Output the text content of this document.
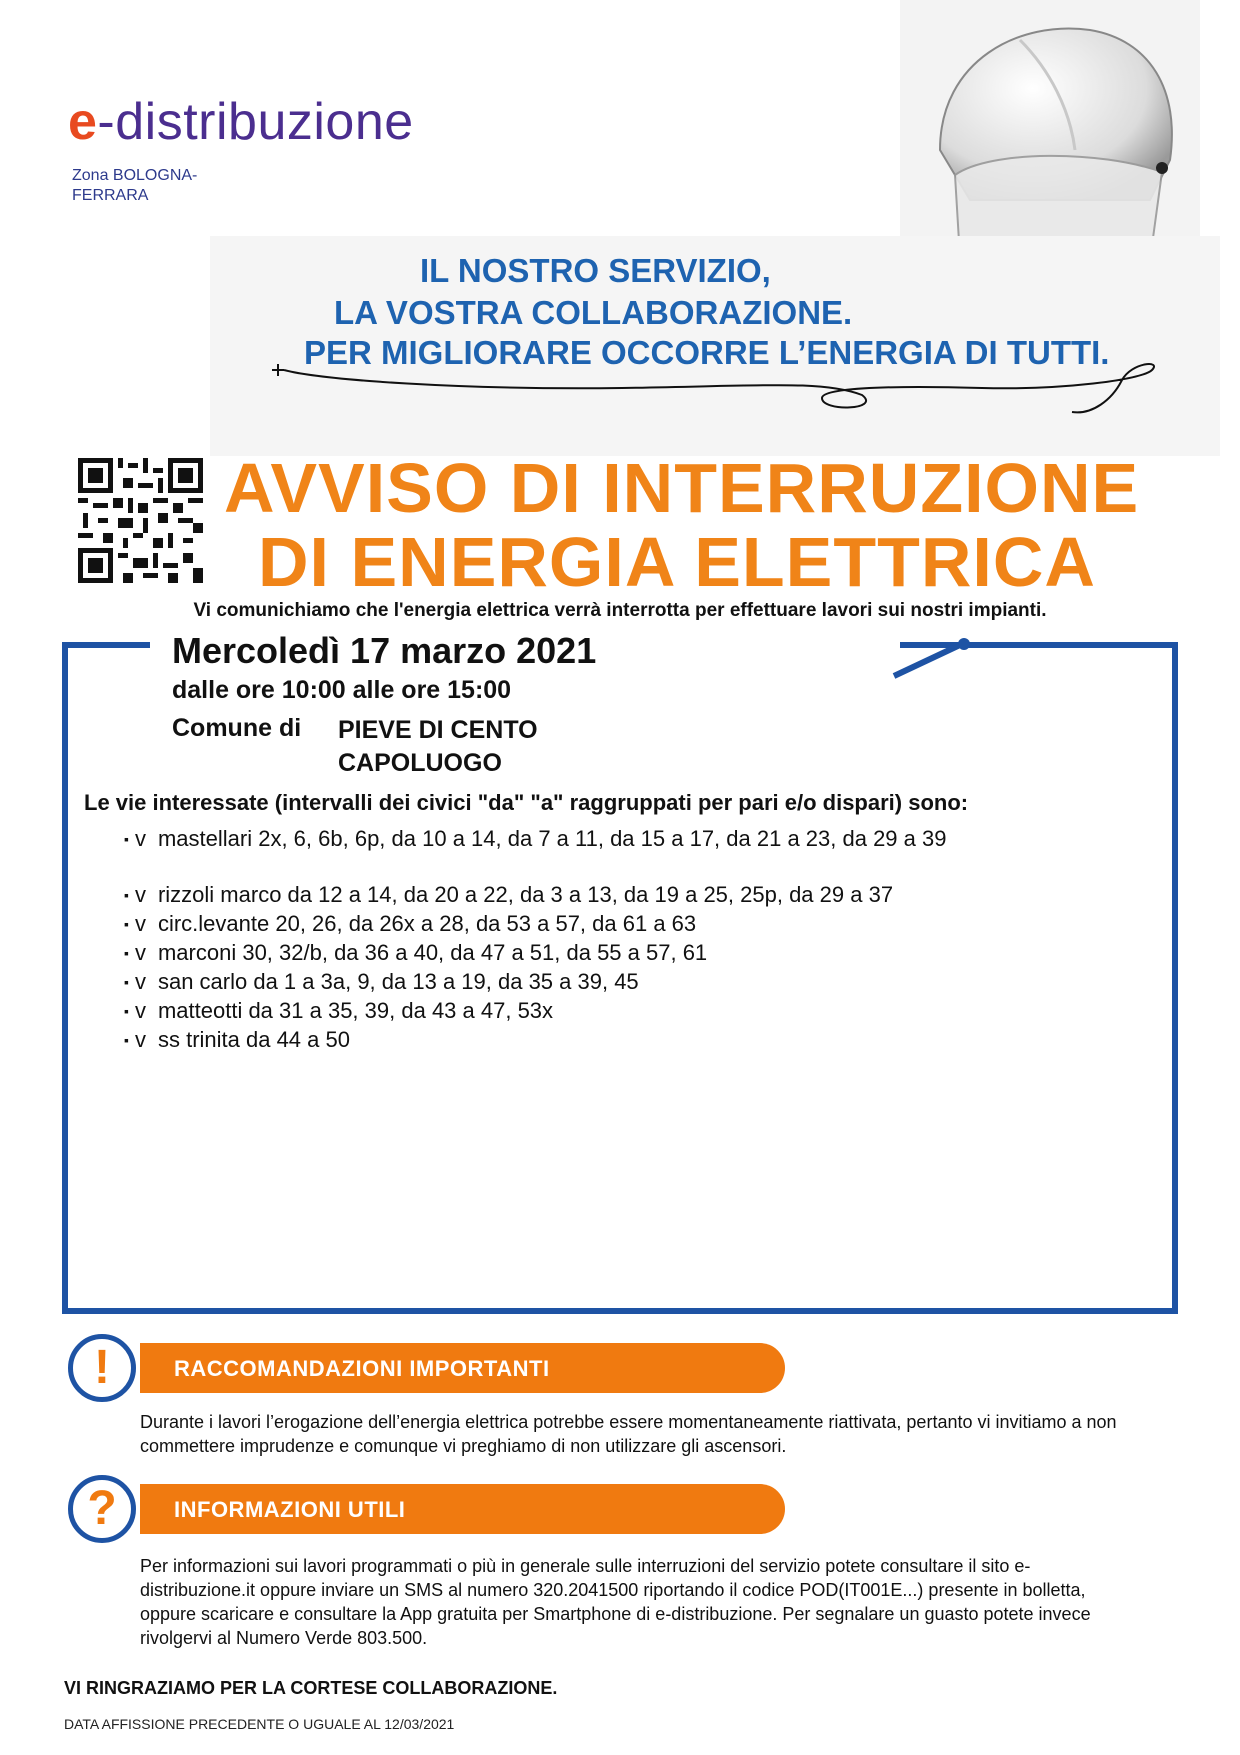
e-distribuzione
Zona BOLOGNA-FERRARA
IL NOSTRO SERVIZIO,
LA VOSTRA COLLABORAZIONE.
PER MIGLIORARE OCCORRE L’ENERGIA DI TUTTI.
AVVISO DI INTERRUZIONE
DI ENERGIA ELETTRICA
Vi comunichiamo che l'energia elettrica verrà interrotta per effettuare lavori sui nostri impianti.
Mercoledì 17 marzo 2021
dalle ore 10:00 alle ore 15:00
Comune di PIEVE DI CENTO
CAPOLUOGO
Le vie interessate (intervalli dei civici "da" "a" raggruppati per pari e/o dispari) sono:
▪ v mastellari 2x, 6, 6b, 6p, da 10 a 14, da 7 a 11, da 15 a 17, da 21 a 23, da 29 a 39
▪ v rizzoli marco da 12 a 14, da 20 a 22, da 3 a 13, da 19 a 25, 25p, da 29 a 37
▪ v circ.levante 20, 26, da 26x a 28, da 53 a 57, da 61 a 63
▪ v marconi 30, 32/b, da 36 a 40, da 47 a 51, da 55 a 57, 61
▪ v san carlo da 1 a 3a, 9, da 13 a 19, da 35 a 39, 45
▪ v matteotti da 31 a 35, 39, da 43 a 47, 53x
▪ v ss trinita da 44 a 50
RACCOMANDAZIONI IMPORTANTI
!
Durante i lavori l’erogazione dell’energia elettrica potrebbe essere momentaneamente riattivata, pertanto vi invitiamo a non commettere imprudenze e comunque vi preghiamo di non utilizzare gli ascensori.
INFORMAZIONI UTILI
?
Per informazioni sui lavori programmati o più in generale sulle interruzioni del servizio potete consultare il sito e-distribuzione.it oppure inviare un SMS al numero 320.2041500 riportando il codice POD(IT001E...) presente in bolletta, oppure scaricare e consultare la App gratuita per Smartphone di e-distribuzione. Per segnalare un guasto potete invece rivolgervi al Numero Verde 803.500.
VI RINGRAZIAMO PER LA CORTESE COLLABORAZIONE.
DATA AFFISSIONE PRECEDENTE O UGUALE AL 12/03/2021
